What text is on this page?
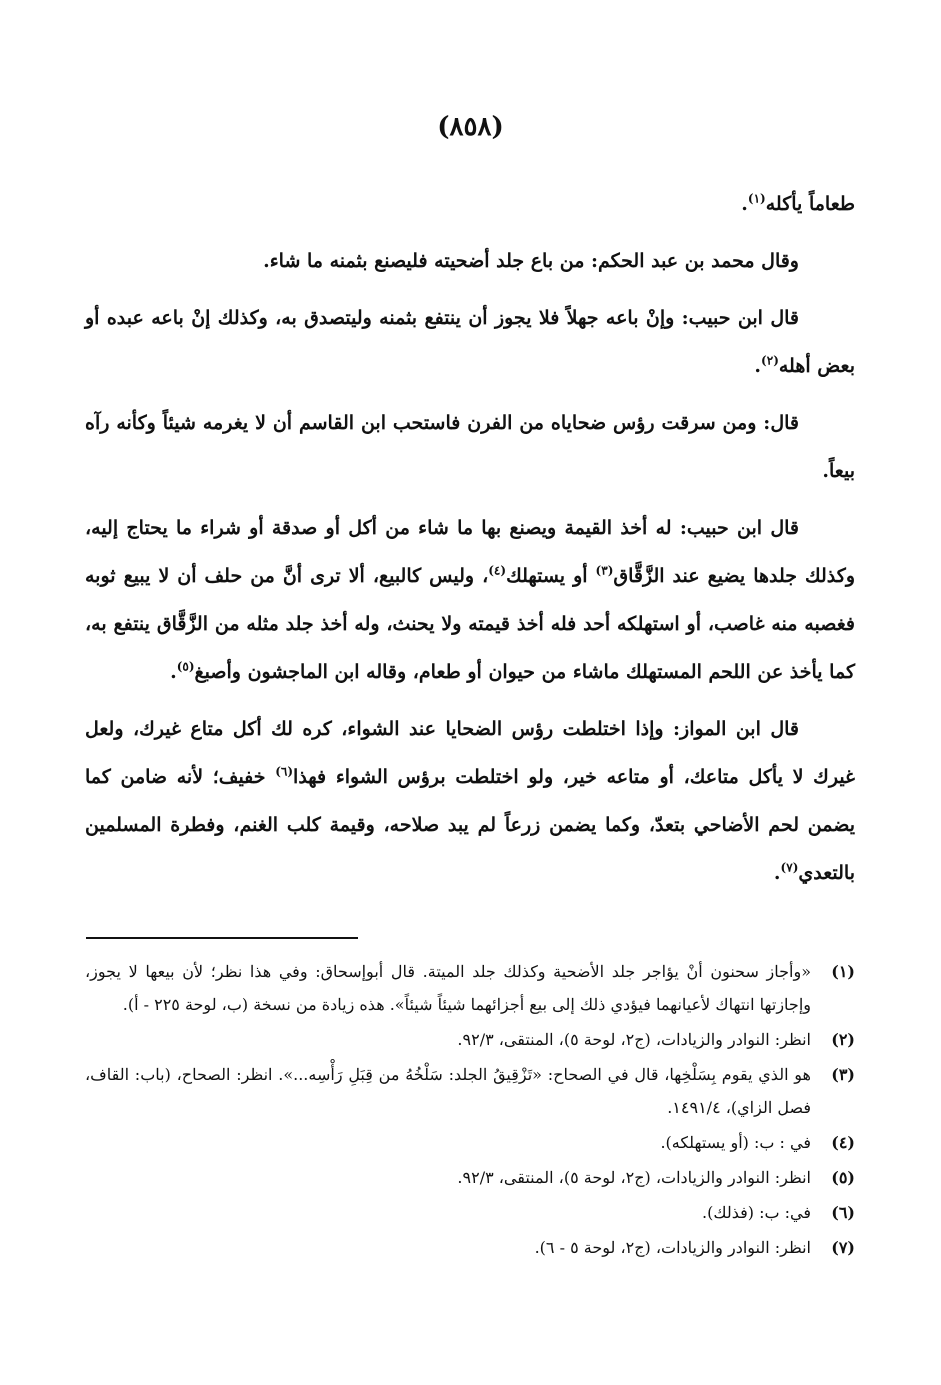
(٨٥٨)

طعاماً يأكله$^{(١)}$.

وقال محمد بن عبد الحكم: من باع جلد أضحيته فليصنع بثمنه ما شاء.

قال ابن حبيب: وإنْ باعه جهلاً فلا يجوز أن ينتفع بثمنه وليتصدق به، وكذلك إنْ باعه عبده أو بعض أهله$^{(٢)}$.

قال: ومن سرقت رؤس ضحاياه من الفرن فاستحب ابن القاسم أن لا يغرمه شيئاً وكأنه رآه بيعاً.

قال ابن حبيب: له أخذ القيمة ويصنع بها ما شاء من أكل أو صدقة أو شراء ما يحتاج إليه، وكذلك جلدها يضيع عند الزَّقَّاق$^{(٣)}$ أو يستهلك$^{(٤)}$، وليس كالبيع، ألا ترى أنَّ من حلف أن لا يبيع ثوبه فغصبه منه غاصب، أو استهلكه أحد فله أخذ قيمته ولا يحنث، وله أخذ جلد مثله من الزَّقَّاق ينتفع به، كما يأخذ عن اللحم المستهلك ماشاء من حيوان أو طعام، وقاله ابن الماجشون وأصبغ$^{(٥)}$.

قال ابن المواز: وإذا اختلطت رؤس الضحايا عند الشواء، كره لك أكل متاع غيرك، ولعل غيرك لا يأكل متاعك، أو متاعه خير، ولو اختلطت برؤس الشواء فهذا$^{(٦)}$ خفيف؛ لأنه ضامن كما يضمن لحم الأضاحي بتعدّ، وكما يضمن زرعاً لم يبد صلاحه، وقيمة كلب الغنم، وفطرة المسلمين بالتعدي$^{(٧)}$.

(١)
«وأجاز سحنون أنْ يؤاجر جلد الأضحية وكذلك جلد الميتة. قال أبوإسحاق: وفي هذا نظر؛ لأن بيعها لا يجوز، وإجازتها انتهاك لأعيانهما فيؤدي ذلك إلى بيع أجزائهما شيئاً شيئاً». هذه زيادة من نسخة (ب، لوحة ٢٢٥ - أ).
(٢)
انظر: النوادر والزيادات، (ج٢، لوحة ٥)، المنتقى، ٩٢/٣.
(٣)
هو الذي يقوم بِسَلْخِها، قال في الصحاح: «تَزْقِيقُ الجلد: سَلْخُهُ من قِبَلِ رَأْسِه...». انظر: الصحاح، (باب: القاف، فصل الزاي)، ١٤٩١/٤.
(٤)
في : ب: (أو يستهلكه).
(٥)
انظر: النوادر والزيادات، (ج٢، لوحة ٥)، المنتقى، ٩٢/٣.
(٦)
في: ب: (فذلك).
(٧)
انظر: النوادر والزيادات، (ج٢، لوحة ٥ - ٦).
